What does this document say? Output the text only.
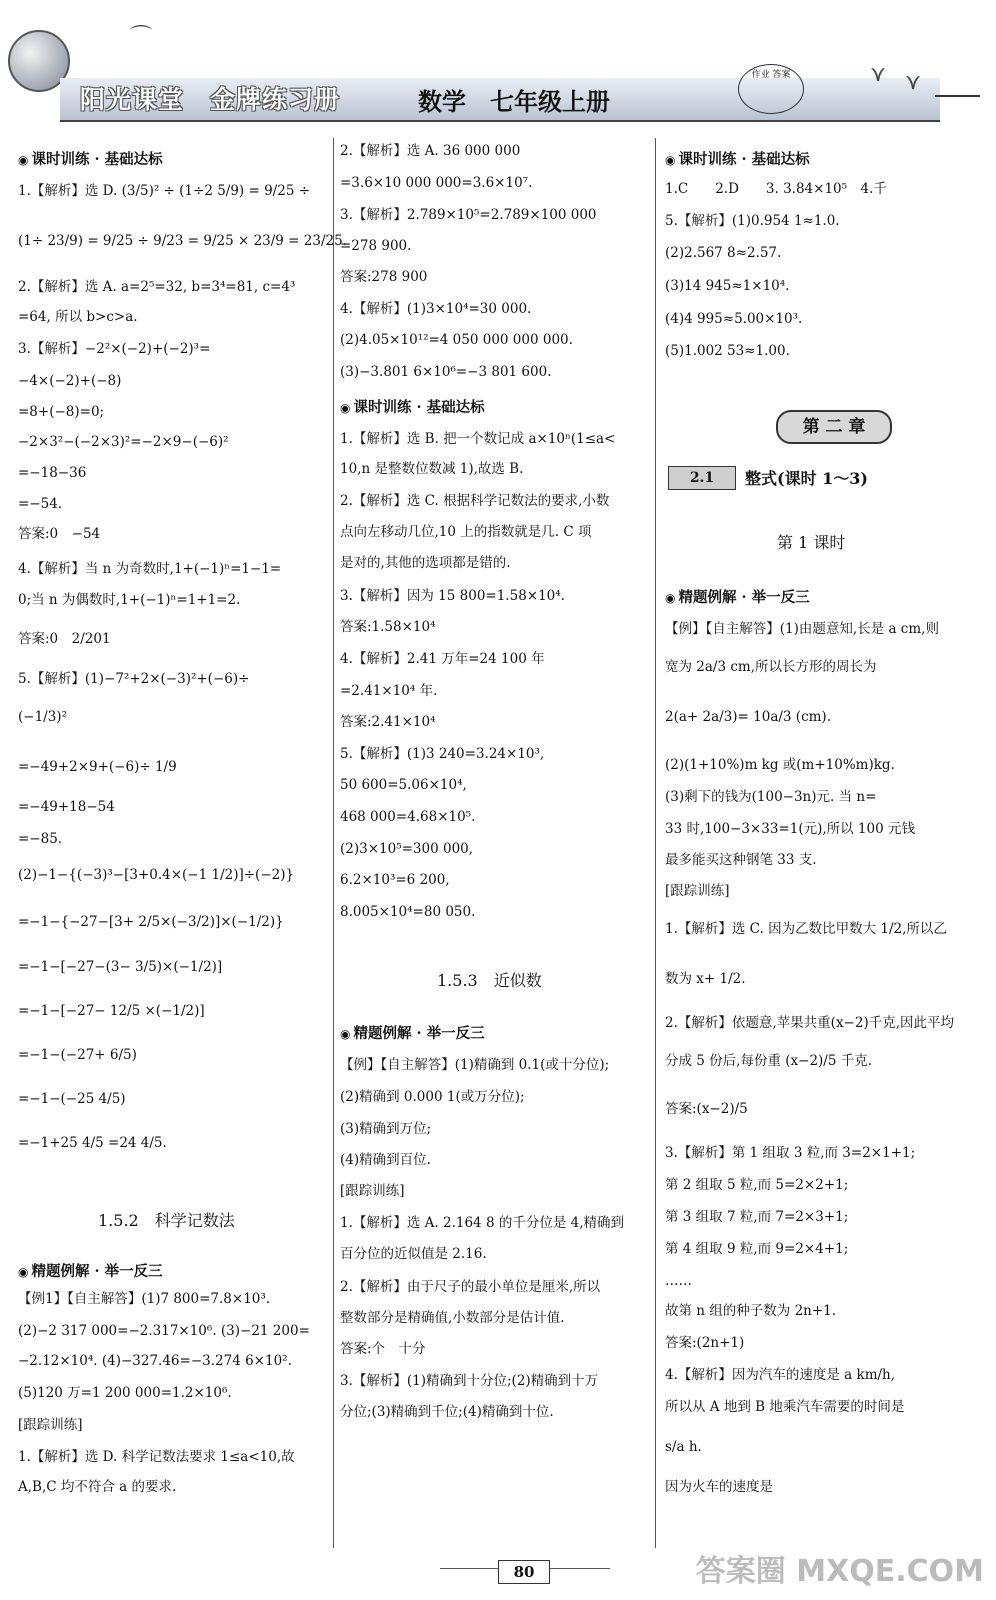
阳光课堂　金牌练习册	数学　七年级上册
作业 答案
⌒
⋎ ⋎
◉ 课时训练 · 基础达标
1.【解析】选 D. (3/5)² ÷ (1÷2 5/9) = 9/25 ÷
(1÷ 23/9) = 9/25 ÷ 9/23 = 9/25 × 23/9 = 23/25.
2.【解析】选 A. a=2⁵=32, b=3⁴=81, c=4³
=64, 所以 b>c>a.
3.【解析】−2²×(−2)+(−2)³=
−4×(−2)+(−8)
=8+(−8)=0;
−2×3²−(−2×3)²=−2×9−(−6)²
=−18−36
=−54.
答案:0　−54
4.【解析】当 n 为奇数时,1+(−1)ⁿ=1−1=
0;当 n 为偶数时,1+(−1)ⁿ=1+1=2.
答案:0　2/201
5.【解析】(1)−7²+2×(−3)²+(−6)÷
(−1/3)²
=−49+2×9+(−6)÷ 1/9
=−49+18−54
=−85.
(2)−1−{(−3)³−[3+0.4×(−1 1/2)]÷(−2)}
=−1−{−27−[3+ 2/5×(−3/2)]×(−1/2)}
=−1−[−27−(3− 3/5)×(−1/2)]
=−1−[−27− 12/5 ×(−1/2)]
=−1−(−27+ 6/5)
=−1−(−25 4/5)
=−1+25 4/5 =24 4/5.
1.5.2　科学记数法
◉ 精题例解 · 举一反三
【例1】【自主解答】(1)7 800=7.8×10³.
(2)−2 317 000=−2.317×10⁶. (3)−21 200=
−2.12×10⁴. (4)−327.46=−3.274 6×10².
(5)120 万=1 200 000=1.2×10⁶.
[跟踪训练]
1.【解析】选 D. 科学记数法要求 1≤a<10,故
A,B,C 均不符合 a 的要求.
2.【解析】选 A. 36 000 000
=3.6×10 000 000=3.6×10⁷.
3.【解析】2.789×10⁵=2.789×100 000
=278 900.
答案:278 900
4.【解析】(1)3×10⁴=30 000.
(2)4.05×10¹²=4 050 000 000 000.
(3)−3.801 6×10⁶=−3 801 600.
◉ 课时训练 · 基础达标
1.【解析】选 B. 把一个数记成 a×10ⁿ(1≤a<
10,n 是整数位数减 1),故选 B.
2.【解析】选 C. 根据科学记数法的要求,小数
点向左移动几位,10 上的指数就是几. C 项
是对的,其他的选项都是错的.
3.【解析】因为 15 800=1.58×10⁴.
答案:1.58×10⁴
4.【解析】2.41 万年=24 100 年
=2.41×10⁴ 年.
答案:2.41×10⁴
5.【解析】(1)3 240=3.24×10³,
50 600=5.06×10⁴,
468 000=4.68×10⁵.
(2)3×10⁵=300 000,
6.2×10³=6 200,
8.005×10⁴=80 050.
1.5.3　近似数
◉ 精题例解 · 举一反三
【例】【自主解答】(1)精确到 0.1(或十分位);
(2)精确到 0.000 1(或万分位);
(3)精确到万位;
(4)精确到百位.
[跟踪训练]
1.【解析】选 A. 2.164 8 的千分位是 4,精确到
百分位的近似值是 2.16.
2.【解析】由于尺子的最小单位是厘米,所以
整数部分是精确值,小数部分是估计值.
答案:个　十分
3.【解析】(1)精确到十分位;(2)精确到十万
分位;(3)精确到千位;(4)精确到十位.
◉ 课时训练 · 基础达标
1.C　　2.D　　3. 3.84×10⁵　4.千
5.【解析】(1)0.954 1≈1.0.
(2)2.567 8≈2.57.
(3)14 945≈1×10⁴.
(4)4 995≈5.00×10³.
(5)1.002 53≈1.00.
第 1 课时
◉ 精题例解 · 举一反三
【例】【自主解答】(1)由题意知,长是 a cm,则
宽为 2a/3 cm,所以长方形的周长为
2(a+ 2a/3)= 10a/3 (cm).
(2)(1+10%)m kg 或(m+10%m)kg.
(3)剩下的钱为(100−3n)元. 当 n=
33 时,100−3×33=1(元),所以 100 元钱
最多能买这种钢笔 33 支.
[跟踪训练]
1.【解析】选 C. 因为乙数比甲数大 1/2,所以乙
数为 x+ 1/2.
2.【解析】依题意,苹果共重(x−2)千克,因此平均
分成 5 份后,每份重 (x−2)/5 千克.
答案:(x−2)/5
3.【解析】第 1 组取 3 粒,而 3=2×1+1;
第 2 组取 5 粒,而 5=2×2+1;
第 3 组取 7 粒,而 7=2×3+1;
第 4 组取 9 粒,而 9=2×4+1;
……
故第 n 组的种子数为 2n+1.
答案:(2n+1)
4.【解析】因为汽车的速度是 a km/h,
所以从 A 地到 B 地乘汽车需要的时间是
s/a h.
因为火车的速度是
第 二 章
2.1	整式(课时 1～3)
80	答案圈 MXQE.COM
